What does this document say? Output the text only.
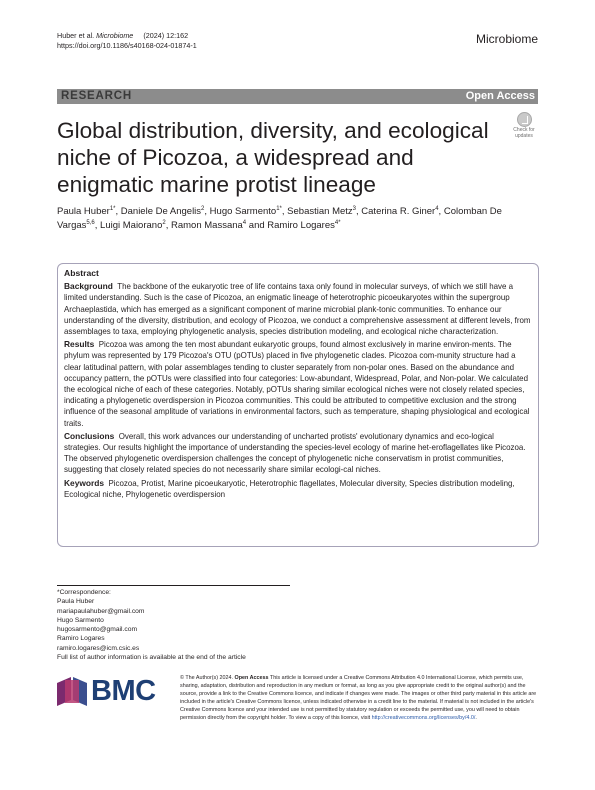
Huber et al. Microbiome (2024) 12:162
https://doi.org/10.1186/s40168-024-01874-1	Microbiome
RESEARCH	Open Access
Global distribution, diversity, and ecological niche of Picozoa, a widespread and enigmatic marine protist lineage
Check for
updates
Paula Huber$^{1*}$, Daniele De Angelis$^2$, Hugo Sarmento$^{1*}$, Sebastian Metz$^3$, Caterina R. Giner$^4$, Colomban De Vargas$^{5,6}$, Luigi Maiorano$^2$, Ramon Massana$^4$ and Ramiro Logares$^{4*}$
Abstract

Background The backbone of the eukaryotic tree of life contains taxa only found in molecular surveys, of which we still have a limited understanding. Such is the case of Picozoa, an enigmatic lineage of heterotrophic picoeukaryotes within the supergroup Archaeplastida, which has emerged as a significant component of marine microbial plank-tonic communities. To enhance our understanding of the diversity, distribution, and ecology of Picozoa, we conduct a comprehensive assessment at different levels, from assemblages to taxa, employing phylogenetic analysis, species distribution modeling, and ecological niche characterization.

Results Picozoa was among the ten most abundant eukaryotic groups, found almost exclusively in marine environ-ments. The phylum was represented by 179 Picozoa's OTU (pOTUs) placed in five phylogenetic clades. Picozoa com-munity structure had a clear latitudinal pattern, with polar assemblages tending to cluster separately from non-polar ones. Based on the abundance and occupancy pattern, the pOTUs were classified into four categories: Low-abundant, Widespread, Polar, and Non-polar. We calculated the ecological niche of each of these categories. Notably, pOTUs sharing similar ecological niches were not closely related species, indicating a phylogenetic overdispersion in Picozoa communities. This could be attributed to competitive exclusion and the strong influence of the seasonal amplitude of variations in environmental factors, such as temperature, shaping physiological and ecological traits.

Conclusions Overall, this work advances our understanding of uncharted protists' evolutionary dynamics and eco-logical strategies. Our results highlight the importance of understanding the species-level ecology of marine het-eroflagellates like Picozoa. The observed phylogenetic overdispersion challenges the concept of phylogenetic niche conservatism in protist communities, suggesting that closely related species do not necessarily share similar ecologi-cal niches.

Keywords Picozoa, Protist, Marine picoeukaryotic, Heterotrophic flagellates, Molecular diversity, Species distribution modeling, Ecological niche, Phylogenetic overdispersion

*Correspondence:
Paula Huber
mariapaulahuber@gmail.com
Hugo Sarmento
hugosarmento@gmail.com
Ramiro Logares
ramiro.logares@icm.csic.es
Full list of author information is available at the end of the article
BMC	© The Author(s) 2024. Open Access This article is licensed under a Creative Commons Attribution 4.0 International License, which permits use, sharing, adaptation, distribution and reproduction in any medium or format, as long as you give appropriate credit to the original author(s) and the source, provide a link to the Creative Commons licence, and indicate if changes were made. The images or other third party material in this article are included in the article's Creative Commons licence, unless indicated otherwise in a credit line to the material. If material is not included in the article's Creative Commons licence and your intended use is not permitted by statutory regulation or exceeds the permitted use, you will need to obtain permission directly from the copyright holder. To view a copy of this licence, visit http://creativecommons.org/licenses/by/4.0/.
